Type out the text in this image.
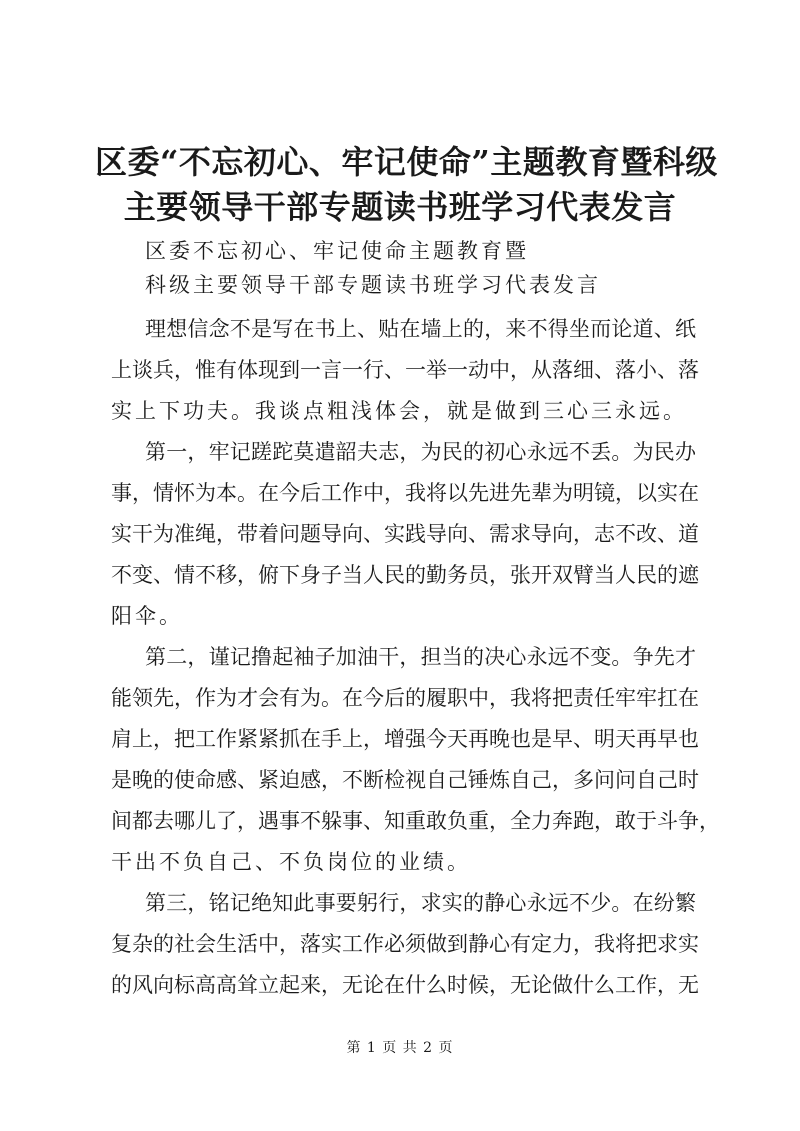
区委“不忘初心、牢记使命”主题教育暨科级
主要领导干部专题读书班学习代表发言
区委不忘初心、牢记使命主题教育暨
科级主要领导干部专题读书班学习代表发言
理想信念不是写在书上、贴在墙上的，来不得坐而论道、纸
上谈兵，惟有体现到一言一行、一举一动中，从落细、落小、落
实上下功夫。我谈点粗浅体会，就是做到三心三永远。
第一，牢记蹉跎莫遣韶夫志，为民的初心永远不丢。为民办
事，情怀为本。在今后工作中，我将以先进先辈为明镜，以实在
实干为准绳，带着问题导向、实践导向、需求导向，志不改、道
不变、情不移，俯下身子当人民的勤务员，张开双臂当人民的遮
阳伞。
第二，谨记撸起袖子加油干，担当的决心永远不变。争先才
能领先，作为才会有为。在今后的履职中，我将把责任牢牢扛在
肩上，把工作紧紧抓在手上，增强今天再晚也是早、明天再早也
是晚的使命感、紧迫感，不断检视自己锤炼自己，多问问自己时
间都去哪儿了，遇事不躲事、知重敢负重，全力奔跑，敢于斗争，
干出不负自己、不负岗位的业绩。
第三，铭记绝知此事要躬行，求实的静心永远不少。在纷繁
复杂的社会生活中，落实工作必须做到静心有定力，我将把求实
的风向标高高耸立起来，无论在什么时候，无论做什么工作，无
第 1 页 共 2 页
